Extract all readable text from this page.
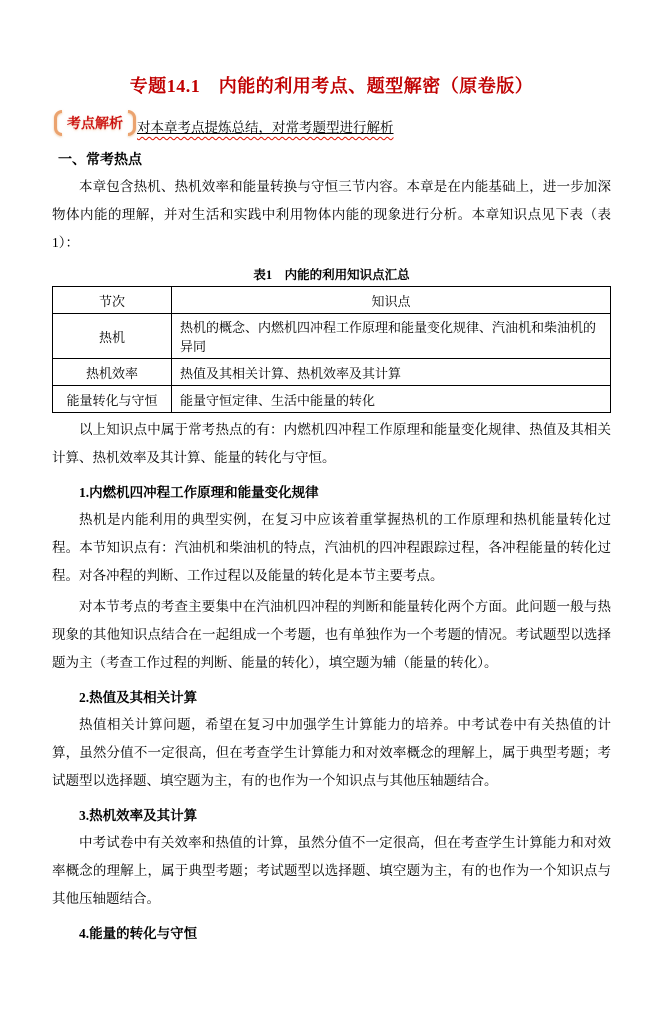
专题14.1　内能的利用考点、题型解密（原卷版）
考点解析	对本章考点提炼总结，对常考题型进行解析
一、常考热点

本章包含热机、热机效率和能量转换与守恒三节内容。本章是在内能基础上，进一步加深物体内能的理解，并对生活和实践中利用物体内能的现象进行分析。本章知识点见下表（表1）：

表1　内能的利用知识点汇总
节次	知识点
热机	热机的概念、内燃机四冲程工作原理和能量变化规律、汽油机和柴油机的异同
热机效率	热值及其相关计算、热机效率及其计算
能量转化与守恒	能量守恒定律、生活中能量的转化

以上知识点中属于常考热点的有：内燃机四冲程工作原理和能量变化规律、热值及其相关计算、热机效率及其计算、能量的转化与守恒。

1.内燃机四冲程工作原理和能量变化规律

热机是内能利用的典型实例，在复习中应该着重掌握热机的工作原理和热机能量转化过程。本节知识点有：汽油机和柴油机的特点，汽油机的四冲程跟踪过程，各冲程能量的转化过程。对各冲程的判断、工作过程以及能量的转化是本节主要考点。

对本节考点的考查主要集中在汽油机四冲程的判断和能量转化两个方面。此问题一般与热现象的其他知识点结合在一起组成一个考题，也有单独作为一个考题的情况。考试题型以选择题为主（考查工作过程的判断、能量的转化），填空题为辅（能量的转化）。

2.热值及其相关计算

热值相关计算问题，希望在复习中加强学生计算能力的培养。中考试卷中有关热值的计算，虽然分值不一定很高，但在考查学生计算能力和对效率概念的理解上，属于典型考题；考试题型以选择题、填空题为主，有的也作为一个知识点与其他压轴题结合。

3.热机效率及其计算

中考试卷中有关效率和热值的计算，虽然分值不一定很高，但在考查学生计算能力和对效率概念的理解上，属于典型考题；考试题型以选择题、填空题为主，有的也作为一个知识点与其他压轴题结合。

4.能量的转化与守恒
